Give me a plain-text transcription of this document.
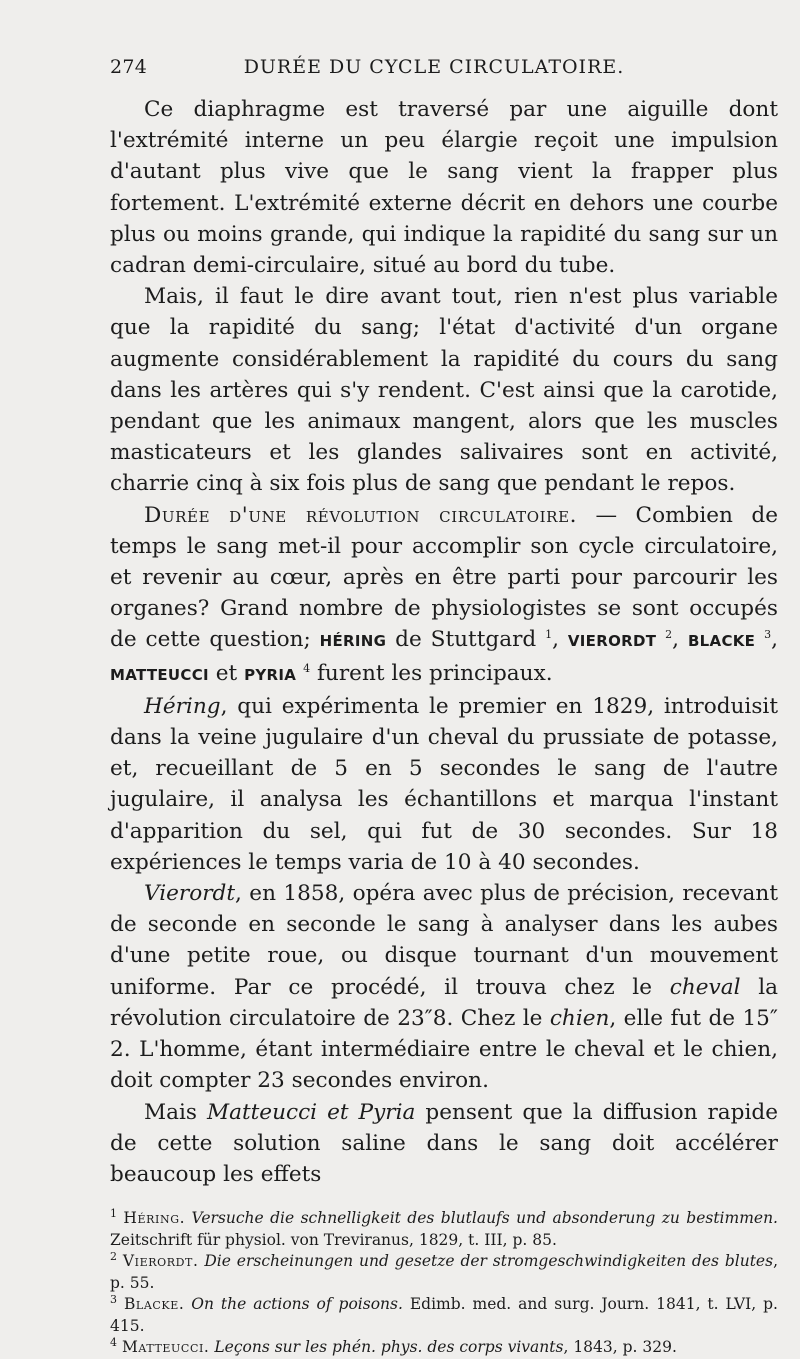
274	DURÉE DU CYCLE CIRCULATOIRE.

Ce diaphragme est traversé par une aiguille dont l'extrémité interne un peu élargie reçoit une impulsion d'autant plus vive que le sang vient la frapper plus fortement. L'extrémité externe décrit en dehors une courbe plus ou moins grande, qui indique la rapidité du sang sur un cadran demi-circulaire, situé au bord du tube.

Mais, il faut le dire avant tout, rien n'est plus variable que la rapidité du sang; l'état d'activité d'un organe augmente considérablement la rapidité du cours du sang dans les artères qui s'y rendent. C'est ainsi que la carotide, pendant que les animaux mangent, alors que les muscles masticateurs et les glandes salivaires sont en activité, charrie cinq à six fois plus de sang que pendant le repos.

Durée d'une révolution circulatoire. — Combien de temps le sang met-il pour accomplir son cycle circulatoire, et revenir au cœur, après en être parti pour parcourir les organes? Grand nombre de physiologistes se sont occupés de cette question; HÉRING de Stuttgard $^1$, VIERORDT $^2$, BLACKE $^3$, MATTEUCCI et PYRIA $^4$ furent les principaux.

Héring, qui expérimenta le premier en 1829, introduisit dans la veine jugulaire d'un cheval du prussiate de potasse, et, recueillant de 5 en 5 secondes le sang de l'autre jugulaire, il analysa les échantillons et marqua l'instant d'apparition du sel, qui fut de 30 secondes. Sur 18 expériences le temps varia de 10 à 40 secondes.

Vierordt, en 1858, opéra avec plus de précision, recevant de seconde en seconde le sang à analyser dans les aubes d'une petite roue, ou disque tournant d'un mouvement uniforme. Par ce procédé, il trouva chez le cheval la révolution circulatoire de 23″8. Chez le chien, elle fut de 15″ 2. L'homme, étant intermédiaire entre le cheval et le chien, doit compter 23 secondes environ.

Mais Matteucci et Pyria pensent que la diffusion rapide de cette solution saline dans le sang doit accélérer beaucoup les effets

$^1$ Héring. Versuche die schnelligkeit des blutlaufs und absonderung zu bestimmen. Zeitschrift für physiol. von Treviranus, 1829, t. III, p. 85.
$^2$ Vierordt. Die erscheinungen und gesetze der stromgeschwindigkeiten des blutes, p. 55.
$^3$ Blacke. On the actions of poisons. Edimb. med. and surg. Journ. 1841, t. LVI, p. 415.
$^4$ Matteucci. Leçons sur les phén. phys. des corps vivants, 1843, p. 329.
